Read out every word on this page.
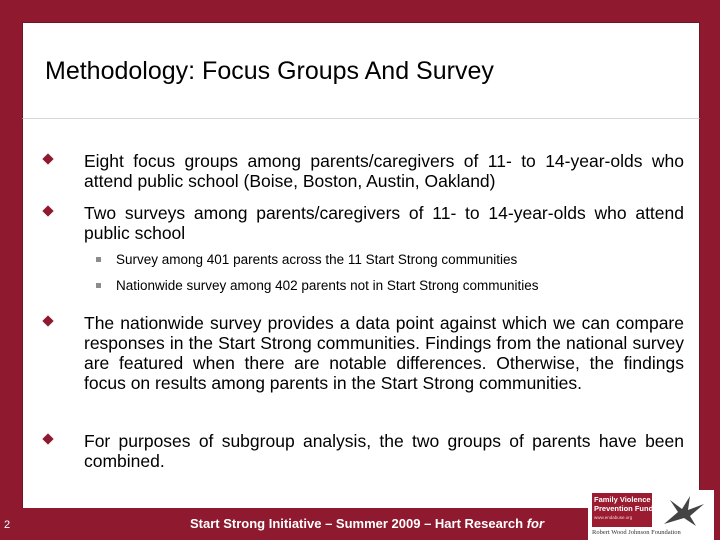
Methodology: Focus Groups And Survey
Eight focus groups among parents/caregivers of 11- to 14-year-olds who attend public school (Boise, Boston, Austin, Oakland)
Two surveys among parents/caregivers of 11- to 14-year-olds who attend public school
Survey among 401 parents across the 11 Start Strong communities
Nationwide survey among 402 parents not in Start Strong communities
The nationwide survey provides a data point against which we can compare responses in the Start Strong communities. Findings from the national survey are featured when there are notable differences. Otherwise, the findings focus on results among parents in the Start Strong communities.
For purposes of subgroup analysis, the two groups of parents have been combined.
2	Start Strong Initiative – Summer 2009 – Hart Research for
Family Violence
Prevention Fund
www.endabuse.org
Robert Wood Johnson Foundation
